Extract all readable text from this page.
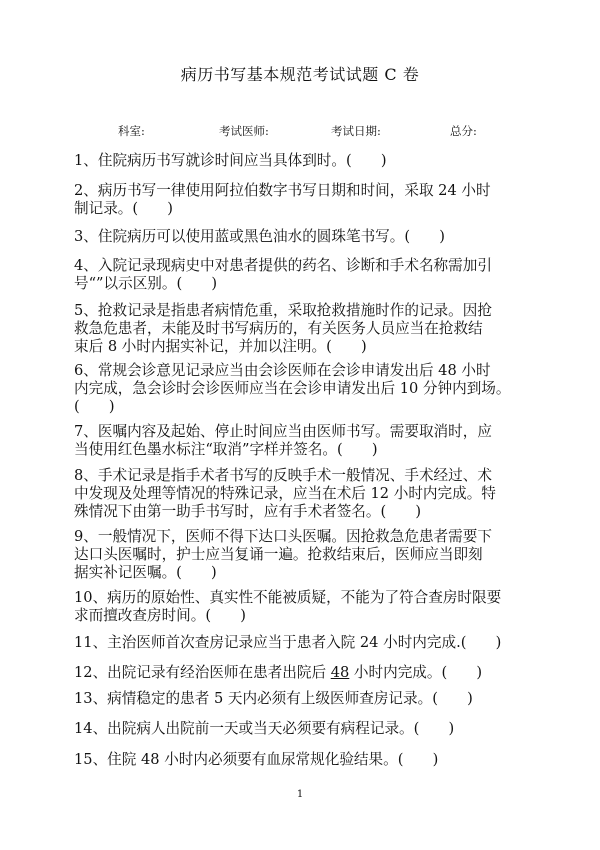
病历书写基本规范考试试题 C 卷
科室:	考试医师:	考试日期:	总分:
1、住院病历书写就诊时间应当具体到时。(　　)
2、病历书写一律使用阿拉伯数字书写日期和时间，采取 24 小时
制记录。(　　)
3、住院病历可以使用蓝或黑色油水的圆珠笔书写。(　　)
4、入院记录现病史中对患者提供的药名、诊断和手术名称需加引
号“”以示区别。(　　)
5、抢救记录是指患者病情危重，采取抢救措施时作的记录。因抢
救急危患者，未能及时书写病历的，有关医务人员应当在抢救结
束后 8 小时内据实补记，并加以注明。(　　)
6、常规会诊意见记录应当由会诊医师在会诊申请发出后 48 小时
内完成，急会诊时会诊医师应当在会诊申请发出后 10 分钟内到场。
(　　)
7、医嘱内容及起始、停止时间应当由医师书写。需要取消时，应
当使用红色墨水标注“取消”字样并签名。(　　)
8、手术记录是指手术者书写的反映手术一般情况、手术经过、术
中发现及处理等情况的特殊记录，应当在术后 12 小时内完成。特
殊情况下由第一助手书写时，应有手术者签名。(　　)
9、一般情况下，医师不得下达口头医嘱。因抢救急危患者需要下
达口头医嘱时，护士应当复诵一遍。抢救结束后，医师应当即刻
据实补记医嘱。(　　)
10、病历的原始性、真实性不能被质疑，不能为了符合查房时限要
求而擅改查房时间。(　　)
11、主治医师首次查房记录应当于患者入院 24 小时内完成.(　　)
12、出院记录有经治医师在患者出院后 48 小时内完成。(　　)
13、病情稳定的患者 5 天内必须有上级医师查房记录。(　　)
14、出院病人出院前一天或当天必须要有病程记录。(　　)
15、住院 48 小时内必须要有血尿常规化验结果。(　　)
1
